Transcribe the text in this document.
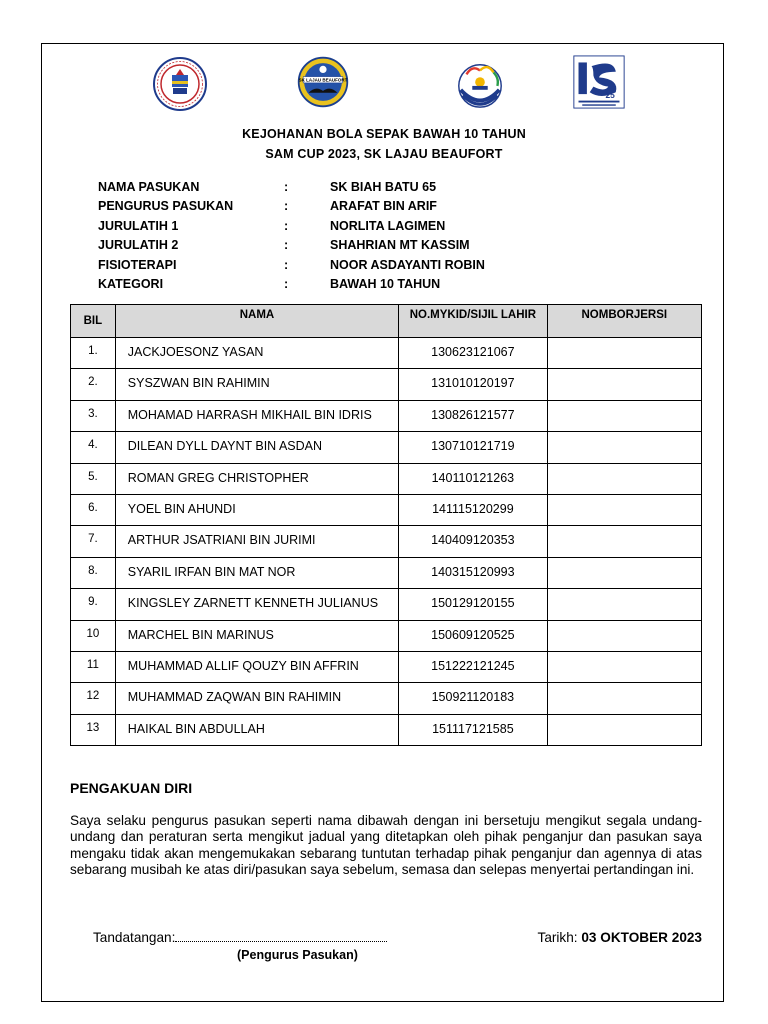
SK LAJAU BEAUFORT
25
KEJOHANAN BOLA SEPAK BAWAH 10 TAHUN
SAM CUP 2023, SK LAJAU BEAUFORT
NAMA PASUKAN	:	SK BIAH BATU 65
PENGURUS PASUKAN	:	ARAFAT BIN ARIF
JURULATIH 1	:	NORLITA LAGIMEN
JURULATIH 2	:	SHAHRIAN MT KASSIM
FISIOTERAPI	:	NOOR ASDAYANTI ROBIN
KATEGORI	:	BAWAH 10 TAHUN
BIL	NAMA	NO.MYKID/SIJIL LAHIR	NOMBORJERSI
1.	JACKJOESONZ YASAN	130623121067	
2.	SYSZWAN BIN RAHIMIN	131010120197	
3.	MOHAMAD HARRASH MIKHAIL BIN IDRIS	130826121577	
4.	DILEAN DYLL DAYNT BIN ASDAN	130710121719	
5.	ROMAN GREG CHRISTOPHER	140110121263	
6.	YOEL BIN AHUNDI	141115120299	
7.	ARTHUR JSATRIANI BIN JURIMI	140409120353	
8.	SYARIL IRFAN BIN MAT NOR	140315120993	
9.	KINGSLEY ZARNETT KENNETH JULIANUS	150129120155	
10	MARCHEL BIN MARINUS	150609120525	
11	MUHAMMAD ALLIF QOUZY BIN AFFRIN	151222121245	
12	MUHAMMAD ZAQWAN BIN RAHIMIN	150921120183	
13	HAIKAL BIN ABDULLAH	151117121585	
PENGAKUAN DIRI
Saya selaku pengurus pasukan seperti nama dibawah dengan ini bersetuju mengikut segala undang-undang dan peraturan serta mengikut jadual yang ditetapkan oleh pihak penganjur dan pasukan saya mengaku tidak akan mengemukakan sebarang tuntutan terhadap pihak penganjur dan agennya di atas sebarang musibah ke atas diri/pasukan saya sebelum, semasa dan selepas menyertai pertandingan ini.
Tandatangan:
(Pengurus Pasukan)
Tarikh: 03 OKTOBER 2023
